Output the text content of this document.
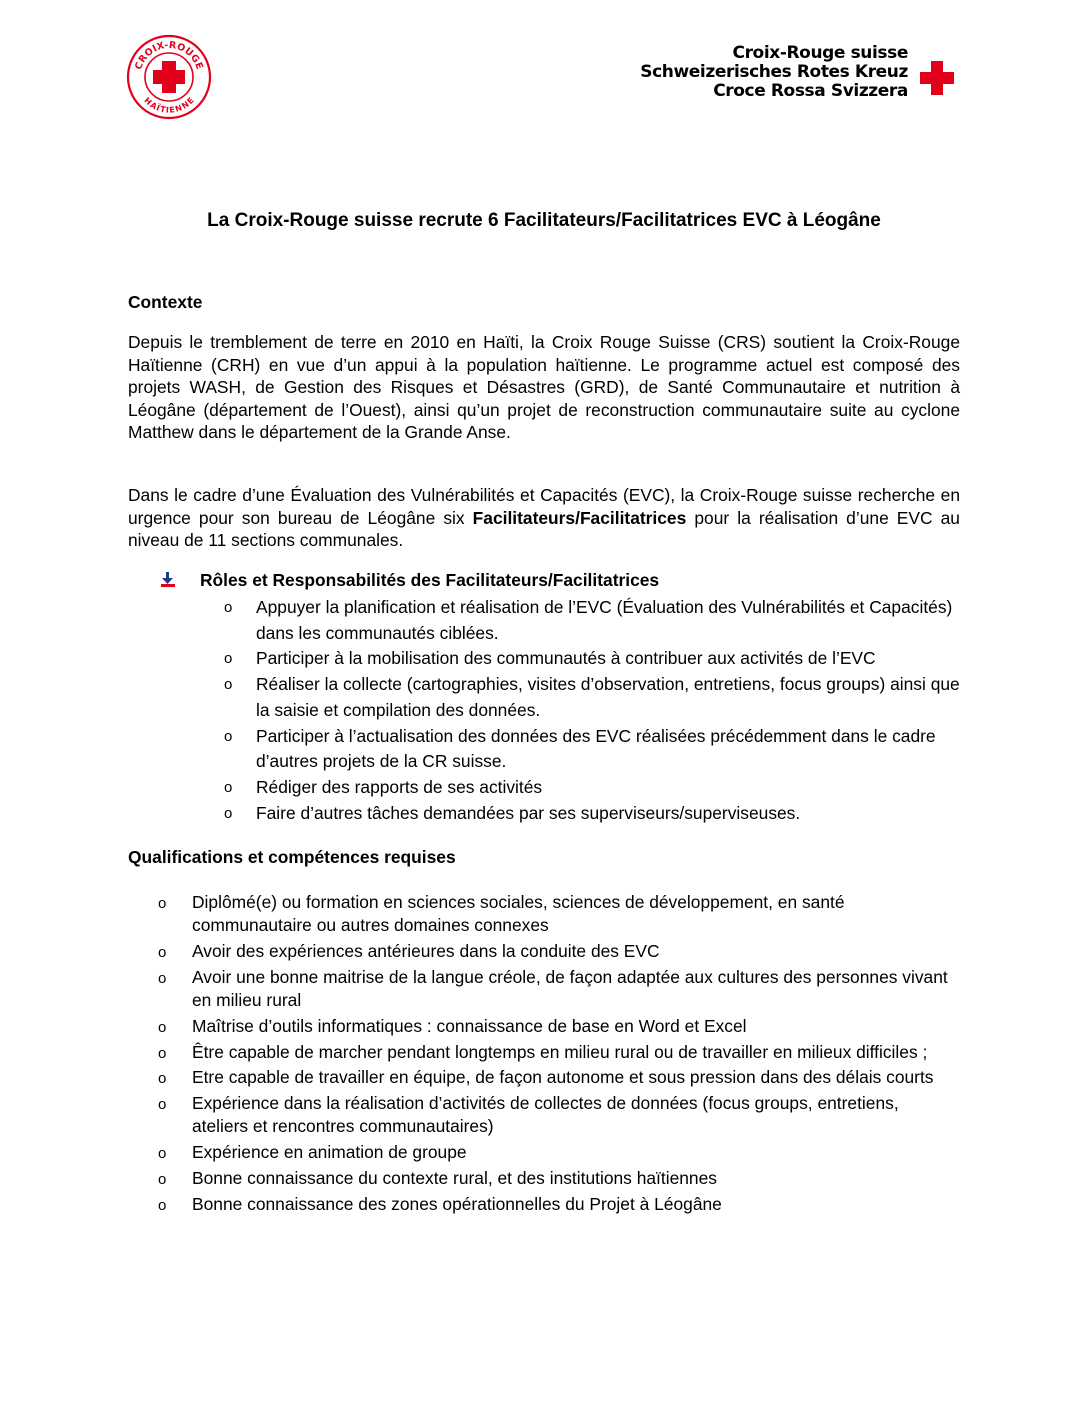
CROIX-ROUGE
HAÏTIENNE
Croix-Rouge suisse
Schweizerisches Rotes Kreuz
Croce Rossa Svizzera
La Croix-Rouge suisse recrute 6 Facilitateurs/Facilitatrices EVC à Léogâne
Contexte
Depuis le tremblement de terre en 2010 en Haïti, la Croix Rouge Suisse (CRS) soutient la Croix-Rouge Haïtienne (CRH) en vue d’un appui à la population haïtienne. Le programme actuel est composé des projets WASH, de Gestion des Risques et Désastres (GRD), de Santé Communautaire et nutrition à Léogâne (département de l’Ouest), ainsi qu’un projet de reconstruction communautaire suite au cyclone Matthew dans le département de la Grande Anse.
Dans le cadre d’une Évaluation des Vulnérabilités et Capacités (EVC), la Croix-Rouge suisse recherche en urgence pour son bureau de Léogâne six Facilitateurs/Facilitatrices pour la réalisation d’une EVC au niveau de 11 sections communales.
Rôles et Responsabilités des Facilitateurs/Facilitatrices
o Appuyer la planification et réalisation de l’EVC (Évaluation des Vulnérabilités et Capacités) dans les communautés ciblées.
o Participer à la mobilisation des communautés à contribuer aux activités de l’EVC
o Réaliser la collecte (cartographies, visites d’observation, entretiens, focus groups) ainsi que la saisie et compilation des données.
o Participer à l’actualisation des données des EVC réalisées précédemment dans le cadre d’autres projets de la CR suisse.
o Rédiger des rapports de ses activités
o Faire d’autres tâches demandées par ses superviseurs/superviseuses.
Qualifications et compétences requises
o Diplômé(e) ou formation en sciences sociales, sciences de développement, en santé communautaire ou autres domaines connexes
o Avoir des expériences antérieures dans la conduite des EVC
o Avoir une bonne maitrise de la langue créole, de façon adaptée aux cultures des personnes vivant en milieu rural
o Maîtrise d’outils informatiques : connaissance de base en Word et Excel
o Être capable de marcher pendant longtemps en milieu rural ou de travailler en milieux difficiles ;
o Etre capable de travailler en équipe, de façon autonome et sous pression dans des délais courts
o Expérience dans la réalisation d’activités de collectes de données (focus groups, entretiens, ateliers et rencontres communautaires)
o Expérience en animation de groupe
o Bonne connaissance du contexte rural, et des institutions haïtiennes
o Bonne connaissance des zones opérationnelles du Projet à Léogâne
